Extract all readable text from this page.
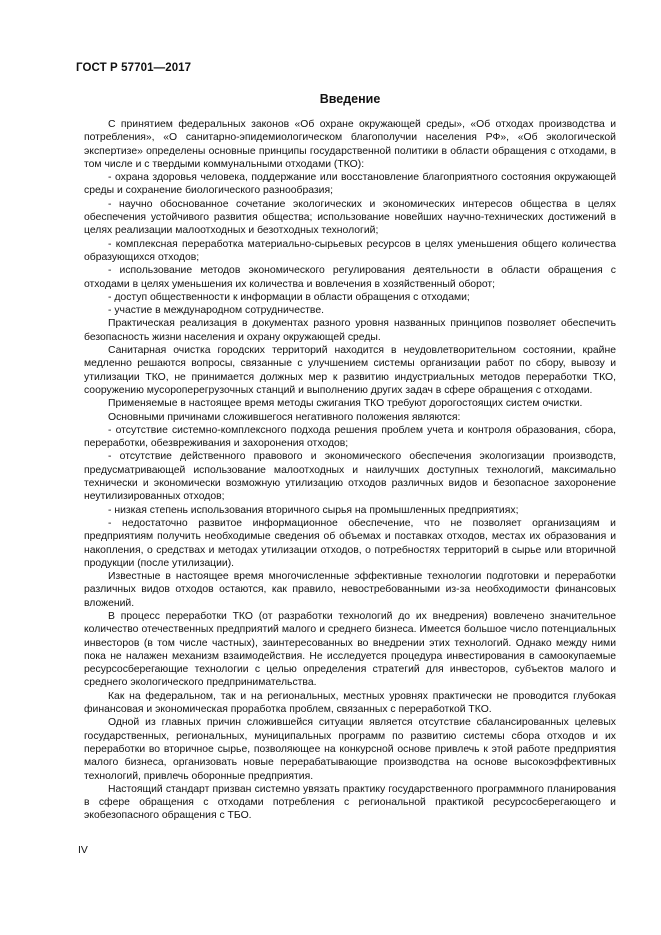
ГОСТ Р 57701—2017
Введение

С принятием федеральных законов «Об охране окружающей среды», «Об отходах производства и потребления», «О санитарно-эпидемиологическом благополучии населения РФ», «Об экологической экспертизе» определены основные принципы государственной политики в области обращения с отходами, в том числе и с твердыми коммунальными отходами (ТКО):

- охрана здоровья человека, поддержание или восстановление благоприятного состояния окружающей среды и сохранение биологического разнообразия;

- научно обоснованное сочетание экологических и экономических интересов общества в целях обеспечения устойчивого развития общества; использование новейших научно-технических достижений в целях реализации малоотходных и безотходных технологий;

- комплексная переработка материально-сырьевых ресурсов в целях уменьшения общего количества образующихся отходов;

- использование методов экономического регулирования деятельности в области обращения с отходами в целях уменьшения их количества и вовлечения в хозяйственный оборот;

- доступ общественности к информации в области обращения с отходами;

- участие в международном сотрудничестве.

Практическая реализация в документах разного уровня названных принципов позволяет обеспечить безопасность жизни населения и охрану окружающей среды.

Санитарная очистка городских территорий находится в неудовлетворительном состоянии, крайне медленно решаются вопросы, связанные с улучшением системы организации работ по сбору, вывозу и утилизации ТКО, не принимается должных мер к развитию индустриальных методов переработки ТКО, сооружению мусороперегрузочных станций и выполнению других задач в сфере обращения с отходами.

Применяемые в настоящее время методы сжигания ТКО требуют дорогостоящих систем очистки.

Основными причинами сложившегося негативного положения являются:

- отсутствие системно-комплексного подхода решения проблем учета и контроля образования, сбора, переработки, обезвреживания и захоронения отходов;

- отсутствие действенного правового и экономического обеспечения экологизации производств, предусматривающей использование малоотходных и наилучших доступных технологий, максимально технически и экономически возможную утилизацию отходов различных видов и безопасное захоронение неутилизированных отходов;

- низкая степень использования вторичного сырья на промышленных предприятиях;

- недостаточно развитое информационное обеспечение, что не позволяет организациям и предприятиям получить необходимые сведения об объемах и поставках отходов, местах их образования и накопления, о средствах и методах утилизации отходов, о потребностях территорий в сырье или вторичной продукции (после утилизации).

Известные в настоящее время многочисленные эффективные технологии подготовки и переработки различных видов отходов остаются, как правило, невостребованными из-за необходимости финансовых вложений.

В процесс переработки ТКО (от разработки технологий до их внедрения) вовлечено значительное количество отечественных предприятий малого и среднего бизнеса. Имеется большое число потенциальных инвесторов (в том числе частных), заинтересованных во внедрении этих технологий. Однако между ними пока не налажен механизм взаимодействия. Не исследуется процедура инвестирования в самоокупаемые ресурсосберегающие технологии с целью определения стратегий для инвесторов, субъектов малого и среднего экологического предпринимательства.

Как на федеральном, так и на региональных, местных уровнях практически не проводится глубокая финансовая и экономическая проработка проблем, связанных с переработкой ТКО.

Одной из главных причин сложившейся ситуации является отсутствие сбалансированных целевых государственных, региональных, муниципальных программ по развитию системы сбора отходов и их переработки во вторичное сырье, позволяющее на конкурсной основе привлечь к этой работе предприятия малого бизнеса, организовать новые перерабатывающие производства на основе высокоэффективных технологий, привлечь оборонные предприятия.

Настоящий стандарт призван системно увязать практику государственного программного планирования в сфере обращения с отходами потребления с региональной практикой ресурсосберегающего и экобезопасного обращения с ТБО.

IV
